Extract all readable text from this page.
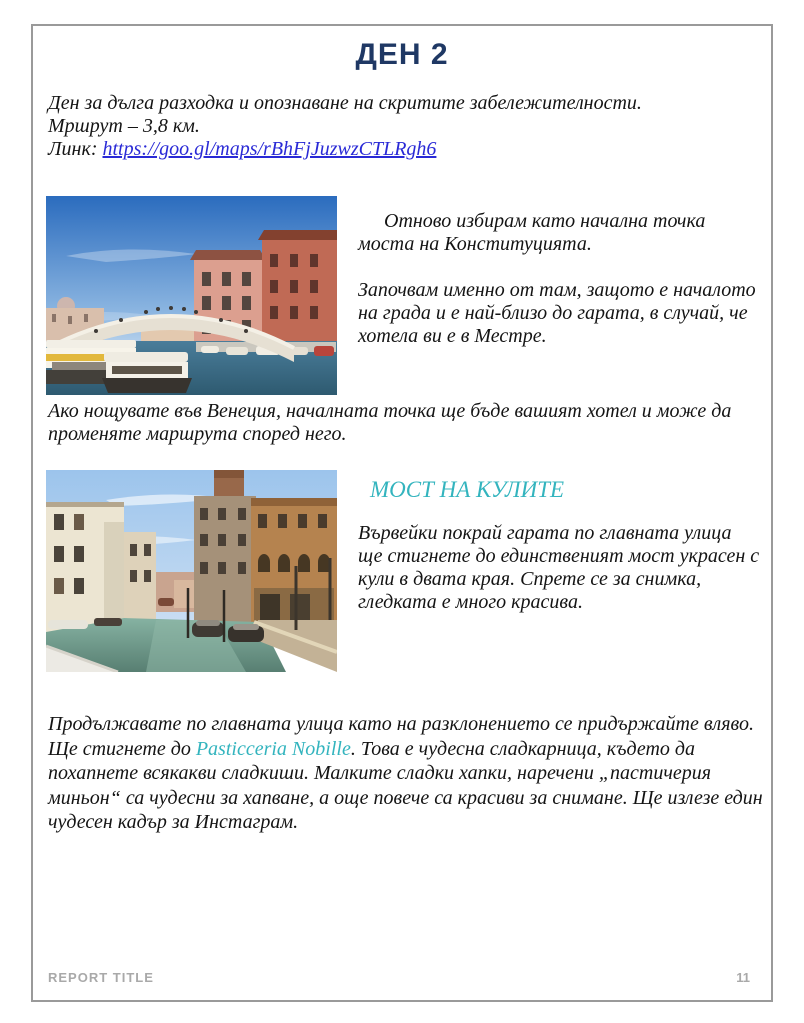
ДЕН 2
Ден за дълга разходка и опознаване на скритите забележителности.
Мршрут – 3,8 км.
Линк: https://goo.gl/maps/rBhFjJuzwzCTLRgh6

Отново избирам като начална точка моста на Конституцията.

Започвам именно от там, защото е началото на града и е най-близо до гарата, в случай, че хотела ви е в Местре.

Ако нощувате във Венеция, началната точка ще бъде вашият хотел и може да променяте маршрута според него.

МОСТ НА КУЛИТЕ

Вървейки покрай гарата по главната улица ще стигнете до единственият мост украсен с кули в двата края. Спрете се за снимка, гледката е много красива.

Продължавате по главната улица като на разклонението се придържайте вляво. Ще стигнете до Pasticceria Nobille. Това е чудесна сладкарница, където да похапнете всякакви сладкиши. Малките сладки хапки, наречени „пастичерия миньон“ са чудесни за хапване, а още повече са красиви за снимане. Ще излезе един чудесен кадър за Инстаграм.

REPORT TITLE	11
